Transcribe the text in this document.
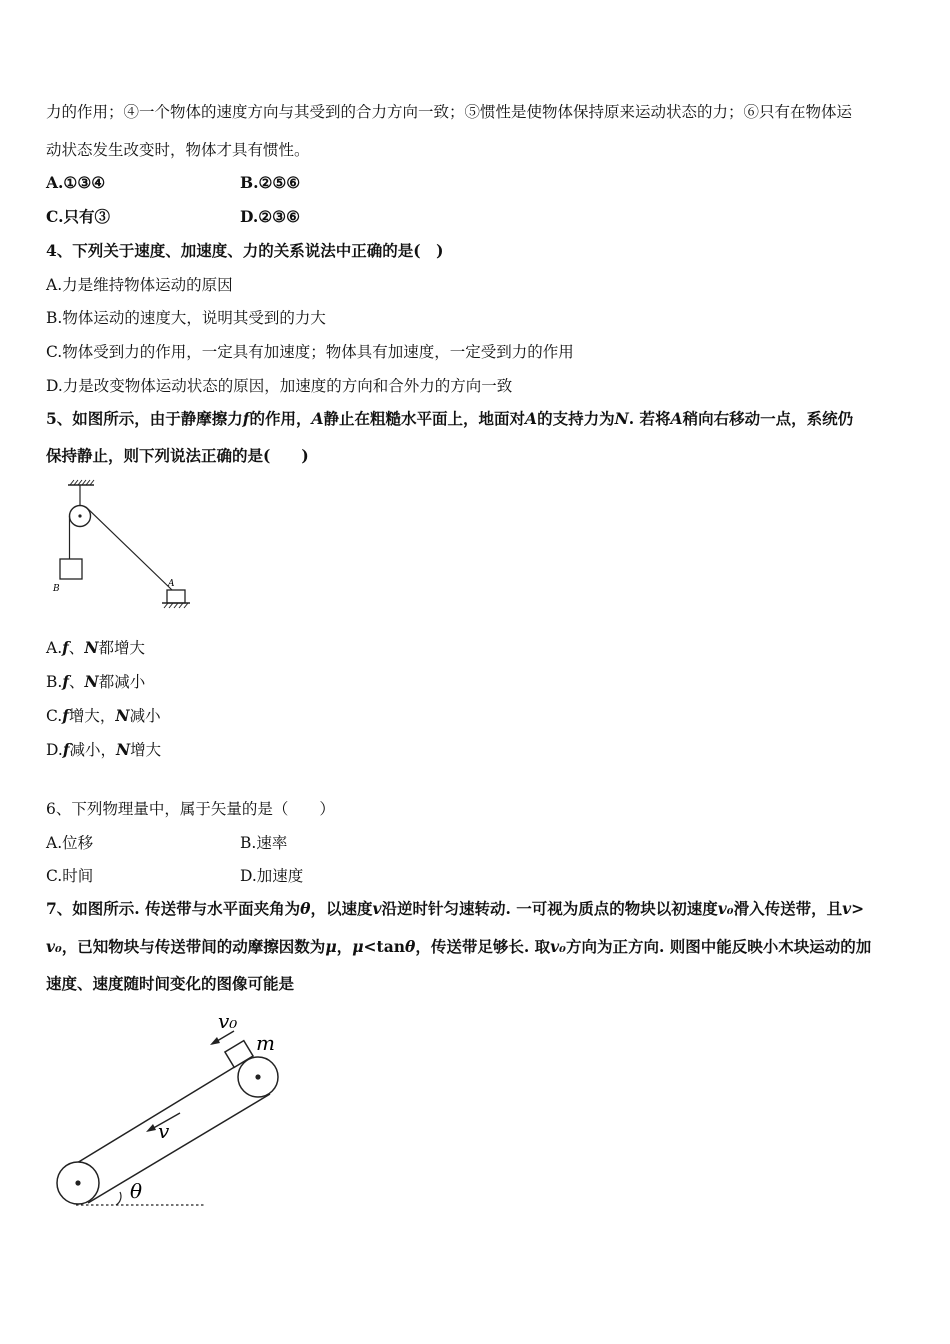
力的作用；④一个物体的速度方向与其受到的合力方向一致；⑤惯性是使物体保持原来运动状态的力；⑥只有在物体运
动状态发生改变时，物体才具有惯性。
A.①③④	B.②⑤⑥
C.只有③	D.②③⑥
4、下列关于速度、加速度、力的关系说法中正确的是(　)
A.力是维持物体运动的原因
B.物体运动的速度大，说明其受到的力大
C.物体受到力的作用，一定具有加速度；物体具有加速度，一定受到力的作用
D.力是改变物体运动状态的原因，加速度的方向和合外力的方向一致
5、如图所示，由于静摩擦力f的作用，A静止在粗糙水平面上，地面对A的支持力为N. 若将A稍向右移动一点，系统仍
保持静止，则下列说法正确的是(　　)
B	A
A.f、N都增大
B.f、N都减小
C.f增大，N减小
D.f减小，N增大
6、下列物理量中，属于矢量的是（　　）
A.位移	B.速率
C.时间	D.加速度
7、如图所示. 传送带与水平面夹角为θ，以速度v沿逆时针匀速转动. 一可视为质点的物块以初速度v₀滑入传送带，且v>
v₀，已知物块与传送带间的动摩擦因数为μ，μ<tanθ，传送带足够长. 取v₀方向为正方向. 则图中能反映小木块运动的加
速度、速度随时间变化的图像可能是
v₀
m
v
θ
